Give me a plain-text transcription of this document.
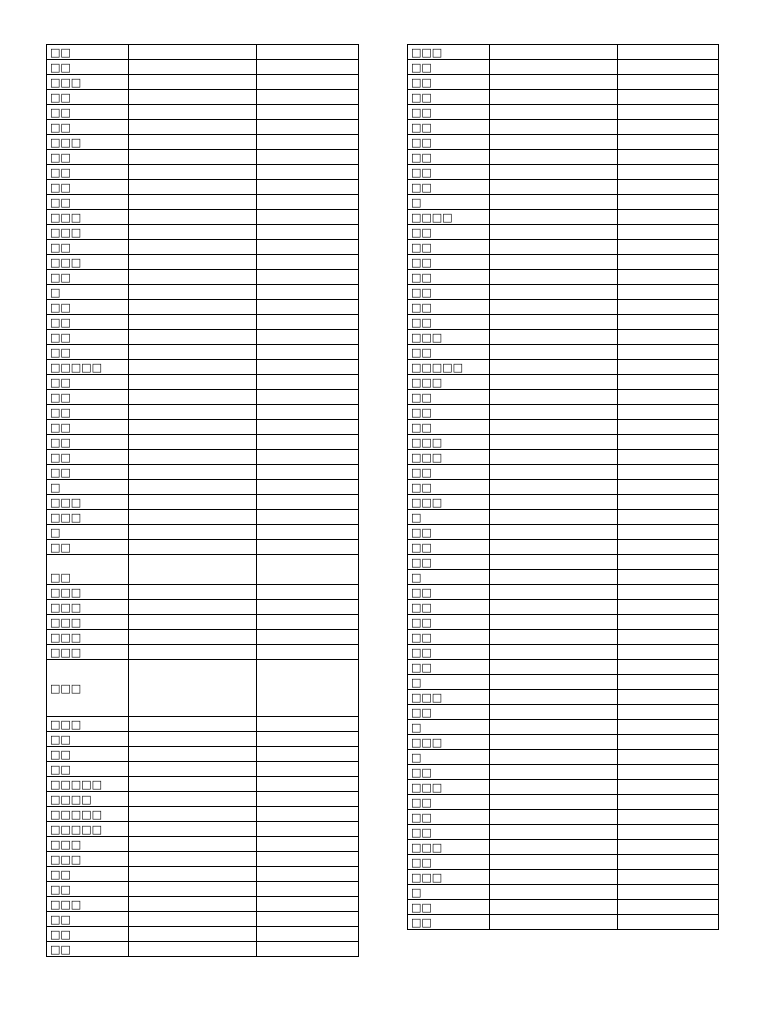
□□		
□□		
□□□		
□□		
□□		
□□		
□□□		
□□		
□□		
□□		
□□		
□□□		
□□□		
□□		
□□□		
□□		
□		
□□		
□□		
□□		
□□		
□□□□□		
□□		
□□		
□□		
□□		
□□		
□□		
□□		
□		
□□□		
□□□		
□		
□□		
□□		
□□□		
□□□		
□□□		
□□□		
□□□		
□□□		
□□□		
□□		
□□		
□□		
□□□□□		
□□□□		
□□□□□		
□□□□□		
□□□		
□□□		
□□		
□□		
□□□		
□□		
□□		
□□		
□□□		
□□		
□□		
□□		
□□		
□□		
□□		
□□		
□□		
□□		
□		
□□□□		
□□		
□□		
□□		
□□		
□□		
□□		
□□		
□□□		
□□		
□□□□□		
□□□		
□□		
□□		
□□		
□□□		
□□□		
□□		
□□		
□□□		
□		
□□		
□□		
□□		
□		
□□		
□□		
□□		
□□		
□□		
□□		
□		
□□□		
□□		
□		
□□□		
□		
□□		
□□□		
□□		
□□		
□□		
□□□		
□□		
□□□		
□		
□□		
□□		
